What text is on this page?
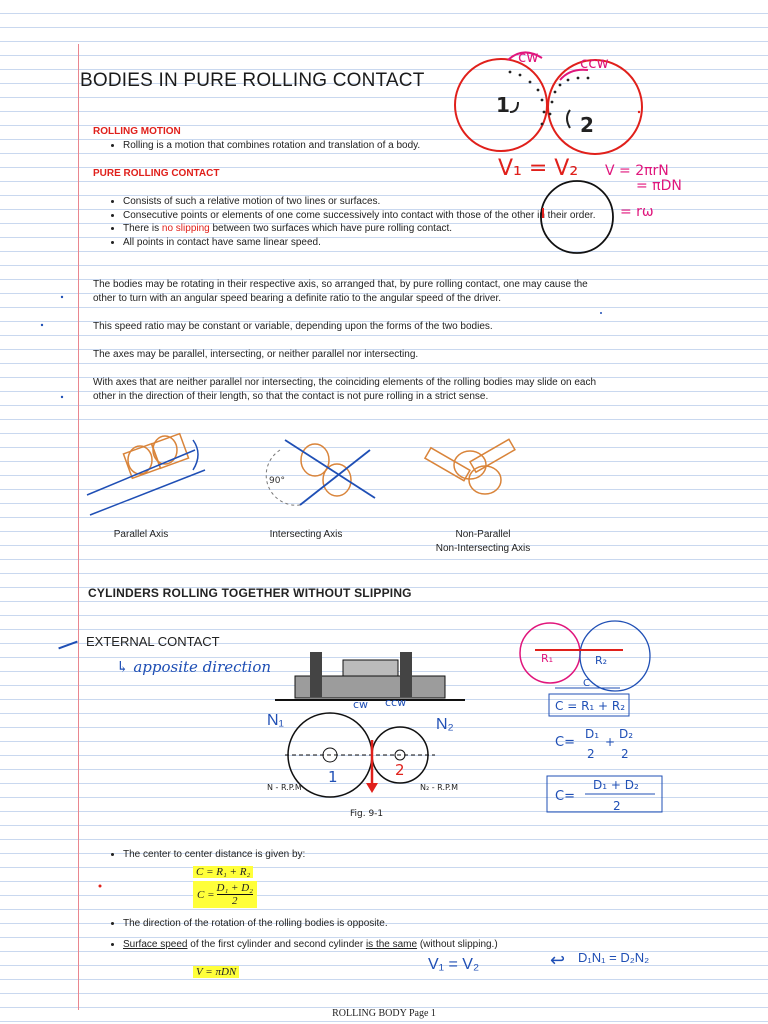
BODIES IN PURE ROLLING CONTACT
ROLLING MOTION
• Rolling is a motion that combines rotation and translation of a body.
PURE ROLLING CONTACT
• Consists of such a relative motion of two lines or surfaces.
• Consecutive points or elements of one come successively into contact with those of the other in their order.
• There is no slipping between two surfaces which have pure rolling contact.
• All points in contact have same linear speed.
The bodies may be rotating in their respective axis, so arranged that, by pure rolling contact, one may cause the other to turn with an angular speed bearing a definite ratio to the angular speed of the driver.
This speed ratio may be constant or variable, depending upon the forms of the two bodies.
The axes may be parallel, intersecting, or neither parallel nor intersecting.
With axes that are neither parallel nor intersecting, the coinciding elements of the rolling bodies may slide on each other in the direction of their length, so that the contact is not pure rolling in a strict sense.
1
2
cw	ccw
V₁ = V₂ V = 2πrN
= πDN
= rω
90°
Parallel Axis	Intersecting Axis	Non-Parallel
Non-Intersecting Axis
CYLINDERS ROLLING TOGETHER WITHOUT SLIPPING
EXTERNAL CONTACT
↳ apposite direction
1	2
cw ccw
N - R.P.M	N₂ - R.P.M
Fig. 9-1
N₁	N₂
R₁	R₂
C
C = R₁ + R₂
C=
D₁
2
+
D₂
2
C=
D₁ + D₂
2
• The center to center distance is given by:
C = R₁ + R₂
$C = \frac{\text{D₁ + D₂}}{2}$
• The direction of the rotation of the rolling bodies is opposite.
• Surface speed of the first cylinder and second cylinder is the same (without slipping.)
V = πDN	V₁ = V₂	↩ D₁N₁ = D₂N₂
ROLLING BODY Page 1
